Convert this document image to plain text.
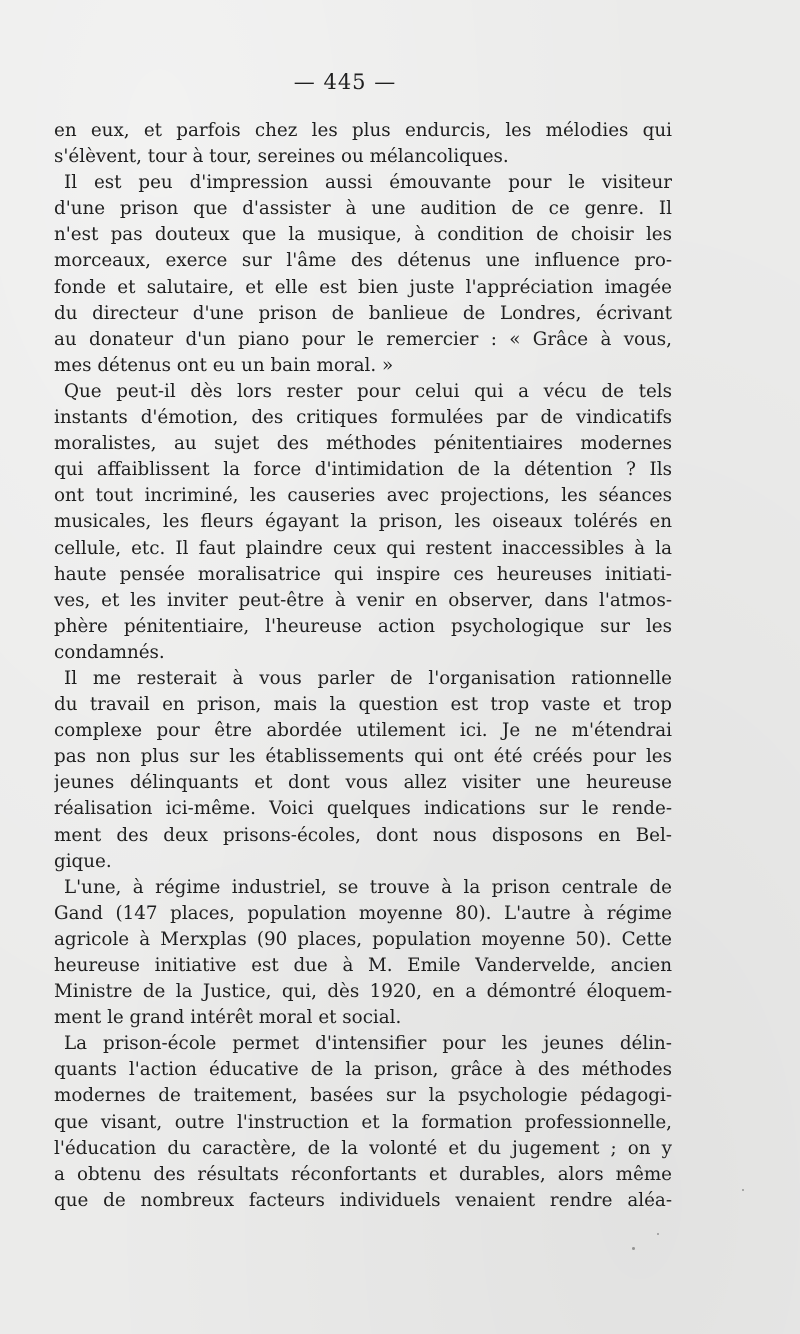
— 445 —
en eux, et parfois chez les plus endurcis, les mélodies qui
s'élèvent, tour à tour, sereines ou mélancoliques.
Il est peu d'impression aussi émouvante pour le visiteur
d'une prison que d'assister à une audition de ce genre. Il
n'est pas douteux que la musique, à condition de choisir les
morceaux, exerce sur l'âme des détenus une influence pro-
fonde et salutaire, et elle est bien juste l'appréciation imagée
du directeur d'une prison de banlieue de Londres, écrivant
au donateur d'un piano pour le remercier : « Grâce à vous,
mes détenus ont eu un bain moral. »
Que peut-il dès lors rester pour celui qui a vécu de tels
instants d'émotion, des critiques formulées par de vindicatifs
moralistes, au sujet des méthodes pénitentiaires modernes
qui affaiblissent la force d'intimidation de la détention ? Ils
ont tout incriminé, les causeries avec projections, les séances
musicales, les fleurs égayant la prison, les oiseaux tolérés en
cellule, etc. Il faut plaindre ceux qui restent inaccessibles à la
haute pensée moralisatrice qui inspire ces heureuses initiati-
ves, et les inviter peut-être à venir en observer, dans l'atmos-
phère pénitentiaire, l'heureuse action psychologique sur les
condamnés.
Il me resterait à vous parler de l'organisation rationnelle
du travail en prison, mais la question est trop vaste et trop
complexe pour être abordée utilement ici. Je ne m'étendrai
pas non plus sur les établissements qui ont été créés pour les
jeunes délinquants et dont vous allez visiter une heureuse
réalisation ici-même. Voici quelques indications sur le rende-
ment des deux prisons-écoles, dont nous disposons en Bel-
gique.
L'une, à régime industriel, se trouve à la prison centrale de
Gand (147 places, population moyenne 80). L'autre à régime
agricole à Merxplas (90 places, population moyenne 50). Cette
heureuse initiative est due à M. Emile Vandervelde, ancien
Ministre de la Justice, qui, dès 1920, en a démontré éloquem-
ment le grand intérêt moral et social.
La prison-école permet d'intensifier pour les jeunes délin-
quants l'action éducative de la prison, grâce à des méthodes
modernes de traitement, basées sur la psychologie pédagogi-
que visant, outre l'instruction et la formation professionnelle,
l'éducation du caractère, de la volonté et du jugement ; on y
a obtenu des résultats réconfortants et durables, alors même
que de nombreux facteurs individuels venaient rendre aléa-
